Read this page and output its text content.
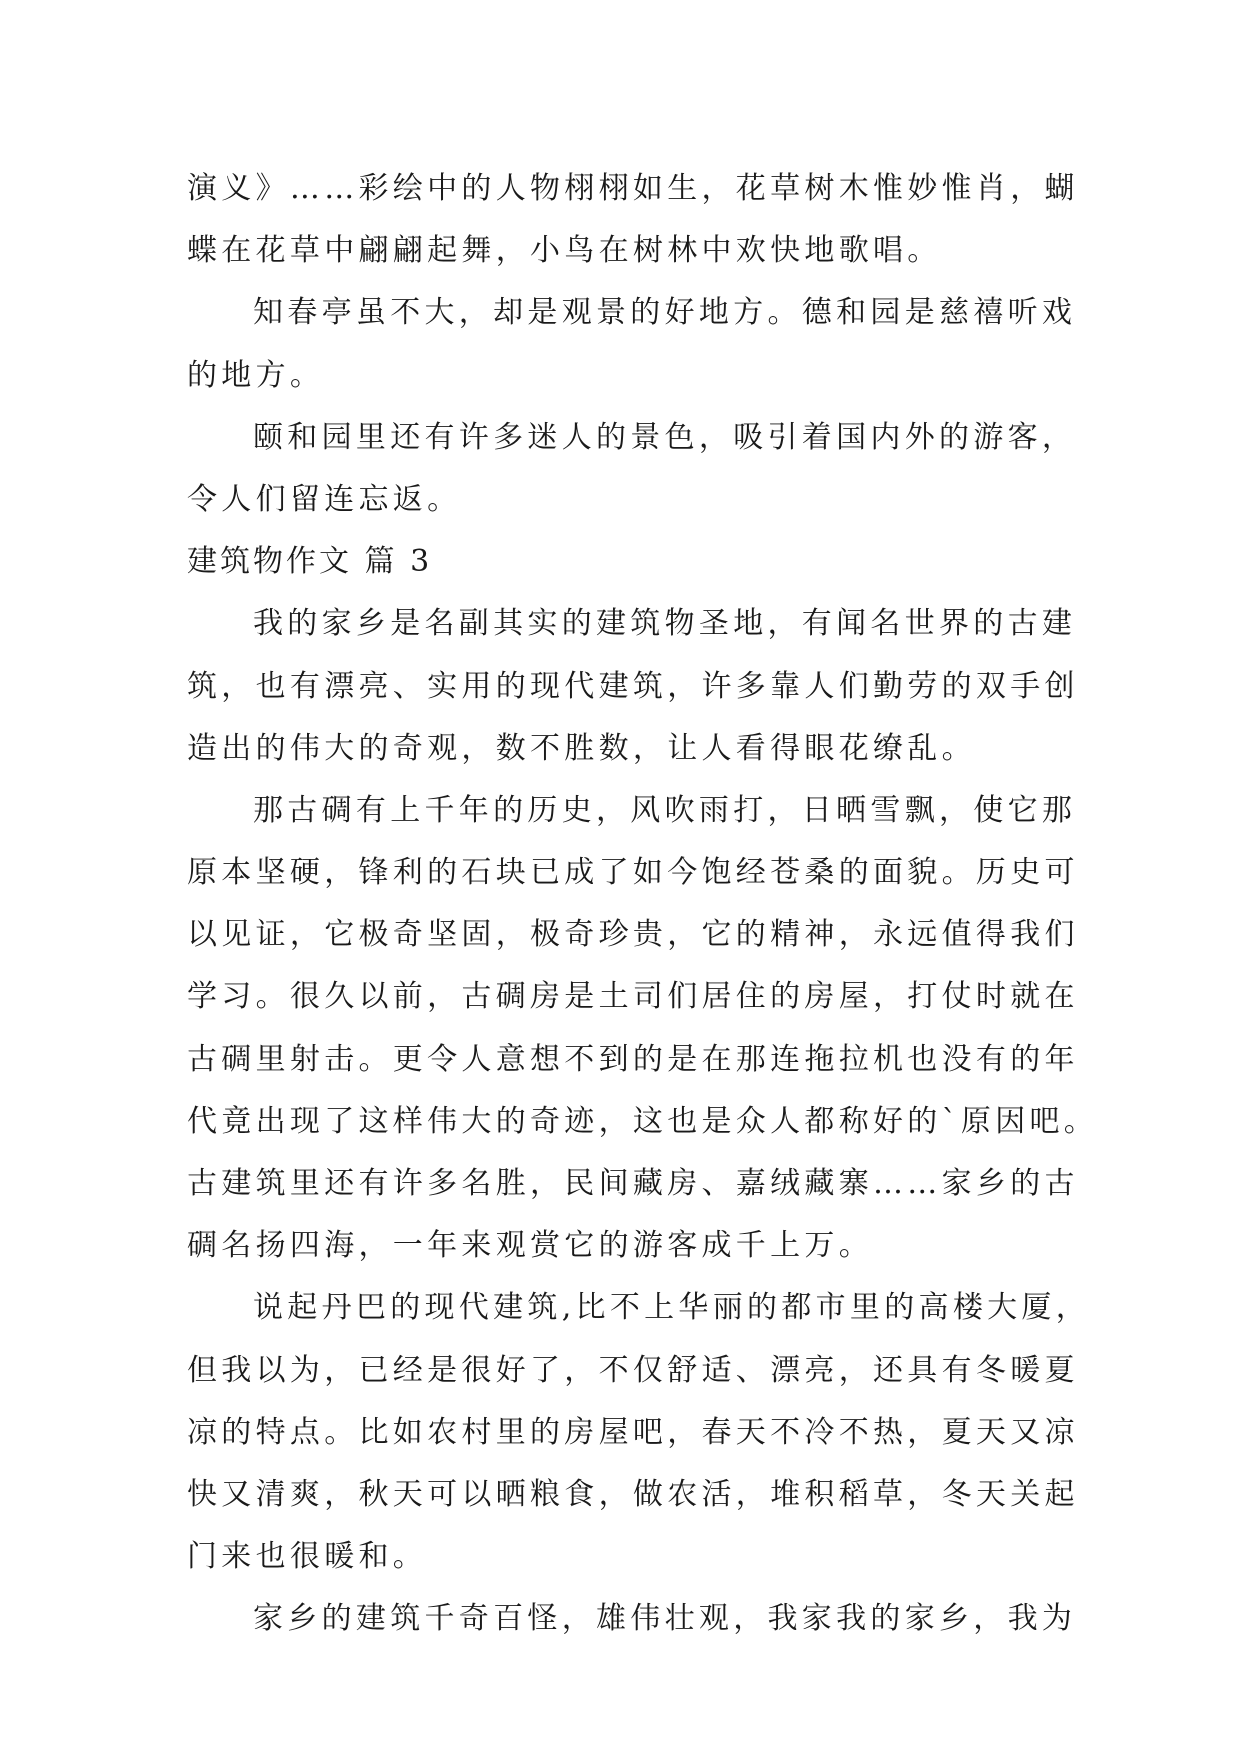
演义》……彩绘中的人物栩栩如生，花草树木惟妙惟肖，蝴
蝶在花草中翩翩起舞，小鸟在树林中欢快地歌唱。
知春亭虽不大，却是观景的好地方。德和园是慈禧听戏
的地方。
颐和园里还有许多迷人的景色，吸引着国内外的游客，
令人们留连忘返。
建筑物作文 篇 3
我的家乡是名副其实的建筑物圣地，有闻名世界的古建
筑，也有漂亮、实用的现代建筑，许多靠人们勤劳的双手创
造出的伟大的奇观，数不胜数，让人看得眼花缭乱。
那古碉有上千年的历史，风吹雨打，日晒雪飘，使它那
原本坚硬，锋利的石块已成了如今饱经苍桑的面貌。历史可
以见证，它极奇坚固，极奇珍贵，它的精神，永远值得我们
学习。很久以前，古碉房是土司们居住的房屋，打仗时就在
古碉里射击。更令人意想不到的是在那连拖拉机也没有的年
代竟出现了这样伟大的奇迹，这也是众人都称好的`原因吧。
古建筑里还有许多名胜，民间藏房、嘉绒藏寨……家乡的古
碉名扬四海，一年来观赏它的游客成千上万。
说起丹巴的现代建筑,比不上华丽的都市里的高楼大厦，
但我以为，已经是很好了，不仅舒适、漂亮，还具有冬暖夏
凉的特点。比如农村里的房屋吧，春天不冷不热，夏天又凉
快又清爽，秋天可以晒粮食，做农活，堆积稻草，冬天关起
门来也很暖和。
家乡的建筑千奇百怪，雄伟壮观，我家我的家乡，我为
